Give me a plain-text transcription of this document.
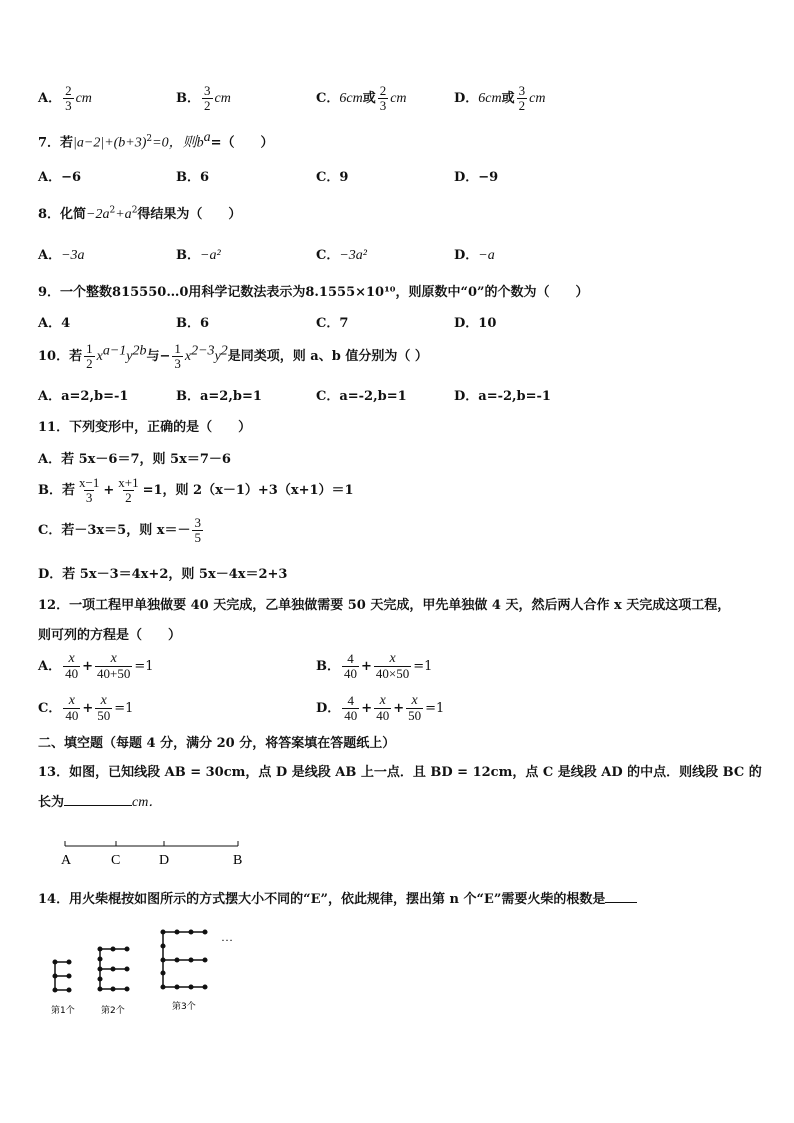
A． $\frac{2}{3}$ cm	B． $\frac{3}{2}$ cm	C．6cm或 $\frac{2}{3}$ cm	D．6cm或 $\frac{3}{2}$ cm
7．若$|a-2|+(b+3)^2=0$，则$b^a=$（　　）
A．−6	B．6	C．9	D．−9
8．化简$-2a^2+a^2$得结果为（　　）
A．−3a	B．−a²	C．−3a²	D．−a
9．一个整数815550…0用科学记数法表示为8.1555×10¹⁰，则原数中“0”的个数为（　　）
A．4	B．6	C．7	D．10
10．若 $\frac{1}{2} x^{a-1}y^{2b}$与− $\frac{1}{3} x^{2-3}y^2$是同类项，则 a、b 值分别为（ ）
A．a=2,b=-1	B．a=2,b=1	C．a=-2,b=1	D．a=-2,b=-1
11．下列变形中，正确的是（　　）
A．若 5x－6＝7，则 5x＝7－6
B．若 $\frac{x-1}{3} + \frac{x+1}{2} =1$，则 2（x－1）+3（x+1）＝1
C．若－3x＝5，则 $x=- \frac{3}{5}$
D．若 5x－3＝4x+2，则 5x－4x＝2+3
12．一项工程甲单独做要 40 天完成，乙单独做需要 50 天完成，甲先单独做 4 天，然后两人合作 x 天完成这项工程，
则可列的方程是（　　）
A． $\frac{x}{40} + \frac{x}{40+50} =1$	B． $\frac{4}{40} + \frac{x}{40\times 50} =1$
C． $\frac{x}{40} + \frac{x}{50} =1$	D． $\frac{4}{40} + \frac{x}{40} + \frac{x}{50} =1$
二、填空题（每题 4 分，满分 20 分，将答案填在答题纸上）
13．如图，已知线段 AB = 30cm，点 D 是线段 AB 上一点．且 BD = 12cm，点 C 是线段 AD 的中点．则线段 BC 的
长为	cm．
A	C	D	B
14．用火柴棍按如图所示的方式摆大小不同的“E”，依此规律，摆出第 n 个“E”需要火柴的根数是
…
第1个	第2个	第3个
